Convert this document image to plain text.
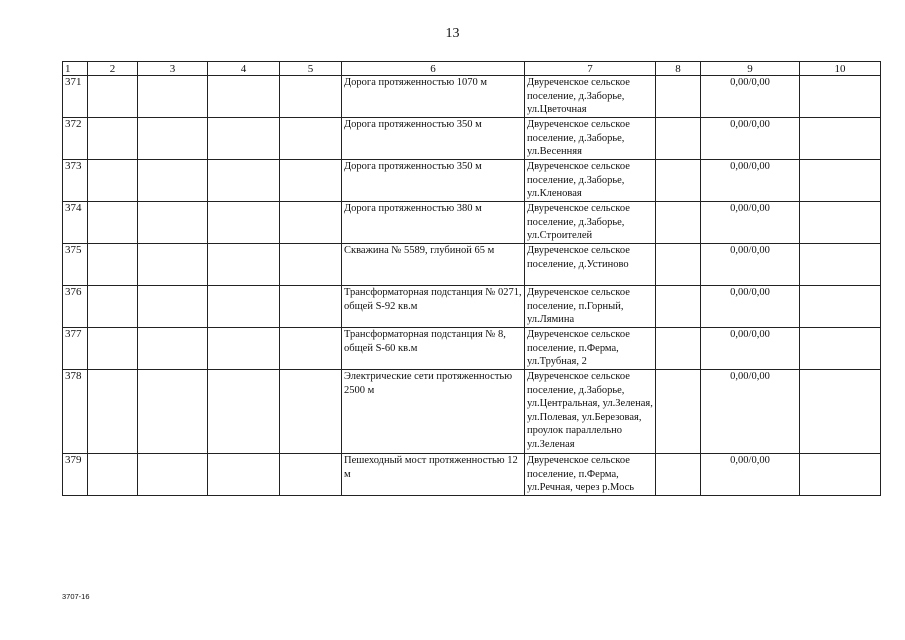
13
1	2	3	4	5	6	7	8	9	10
371					Дорога протяженностью 1070 м	Двуреченское сельское поселение, д.Заборье, ул.Цветочная		0,00/0,00	
372					Дорога протяженностью 350 м	Двуреченское сельское поселение, д.Заборье, ул.Весенняя		0,00/0,00	
373					Дорога протяженностью 350 м	Двуреченское сельское поселение, д.Заборье, ул.Кленовая		0,00/0,00	
374					Дорога протяженностью 380 м	Двуреченское сельское поселение, д.Заборье, ул.Строителей		0,00/0,00	
375					Скважина № 5589, глубиной 65 м	Двуреченское сельское поселение, д.Устиново		0,00/0,00	
376					Трансформаторная подстанция № 0271, общей S-92 кв.м	Двуреченское сельское поселение, п.Горный, ул.Лямина		0,00/0,00	
377					Трансформаторная подстанция № 8, общей S-60 кв.м	Двуреченское сельское поселение, п.Ферма, ул.Трубная, 2		0,00/0,00	
378					Электрические сети протяженностью 2500 м	Двуреченское сельское поселение, д.Заборье, ул.Центральная, ул.Зеленая, ул.Полевая, ул.Березовая, проулок параллельно ул.Зеленая		0,00/0,00	
379					Пешеходный мост протяженностью 12 м	Двуреченское сельское поселение, п.Ферма, ул.Речная, через р.Мось		0,00/0,00	
3707-16
